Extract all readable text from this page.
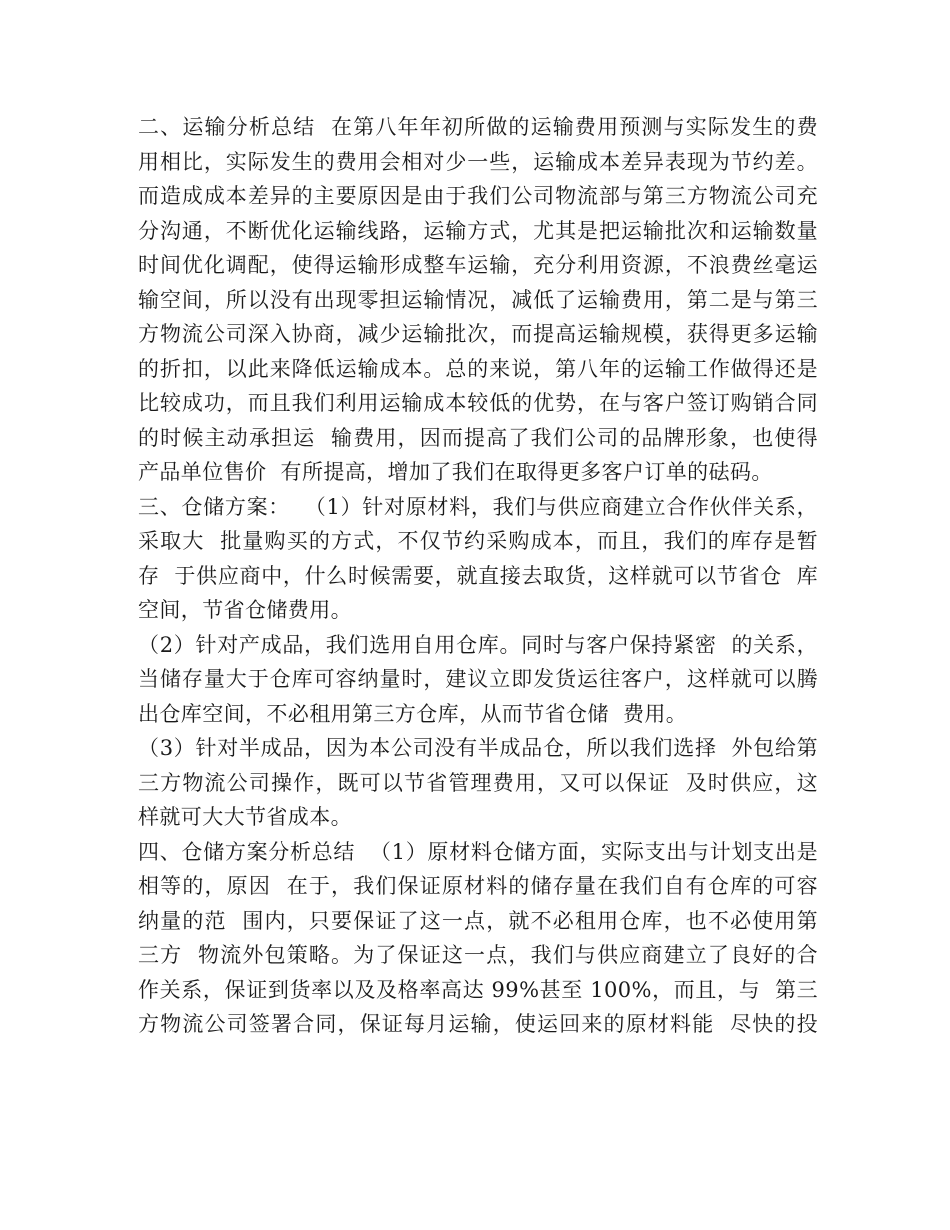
二、运输分析总结  在第八年年初所做的运输费用预测与实际发生的费
用相比，实际发生的费用会相对少一些，运输成本差异表现为节约差。
而造成成本差异的主要原因是由于我们公司物流部与第三方物流公司充
分沟通，不断优化运输线路，运输方式，尤其是把运输批次和运输数量
时间优化调配，使得运输形成整车运输，充分利用资源，不浪费丝毫运
输空间，所以没有出现零担运输情况，减低了运输费用，第二是与第三
方物流公司深入协商，减少运输批次，而提高运输规模，获得更多运输
的折扣，以此来降低运输成本。总的来说，第八年的运输工作做得还是
比较成功，而且我们利用运输成本较低的优势，在与客户签订购销合同
的时候主动承担运  输费用，因而提高了我们公司的品牌形象，也使得
产品单位售价  有所提高，增加了我们在取得更多客户订单的砝码。
三、仓储方案：  （1）针对原材料，我们与供应商建立合作伙伴关系，
采取大  批量购买的方式，不仅节约采购成本，而且，我们的库存是暂
存  于供应商中，什么时候需要，就直接去取货，这样就可以节省仓  库
空间，节省仓储费用。
（2）针对产成品，我们选用自用仓库。同时与客户保持紧密  的关系，
当储存量大于仓库可容纳量时，建议立即发货运往客户，这样就可以腾
出仓库空间，不必租用第三方仓库，从而节省仓储  费用。
（3）针对半成品，因为本公司没有半成品仓，所以我们选择  外包给第
三方物流公司操作，既可以节省管理费用，又可以保证  及时供应，这
样就可大大节省成本。
四、仓储方案分析总结  （1）原材料仓储方面，实际支出与计划支出是
相等的，原因  在于，我们保证原材料的储存量在我们自有仓库的可容
纳量的范  围内，只要保证了这一点，就不必租用仓库，也不必使用第
三方  物流外包策略。为了保证这一点，我们与供应商建立了良好的合
作关系，保证到货率以及及格率高达 99%甚至 100%，而且，与  第三
方物流公司签署合同，保证每月运输，使运回来的原材料能  尽快的投
